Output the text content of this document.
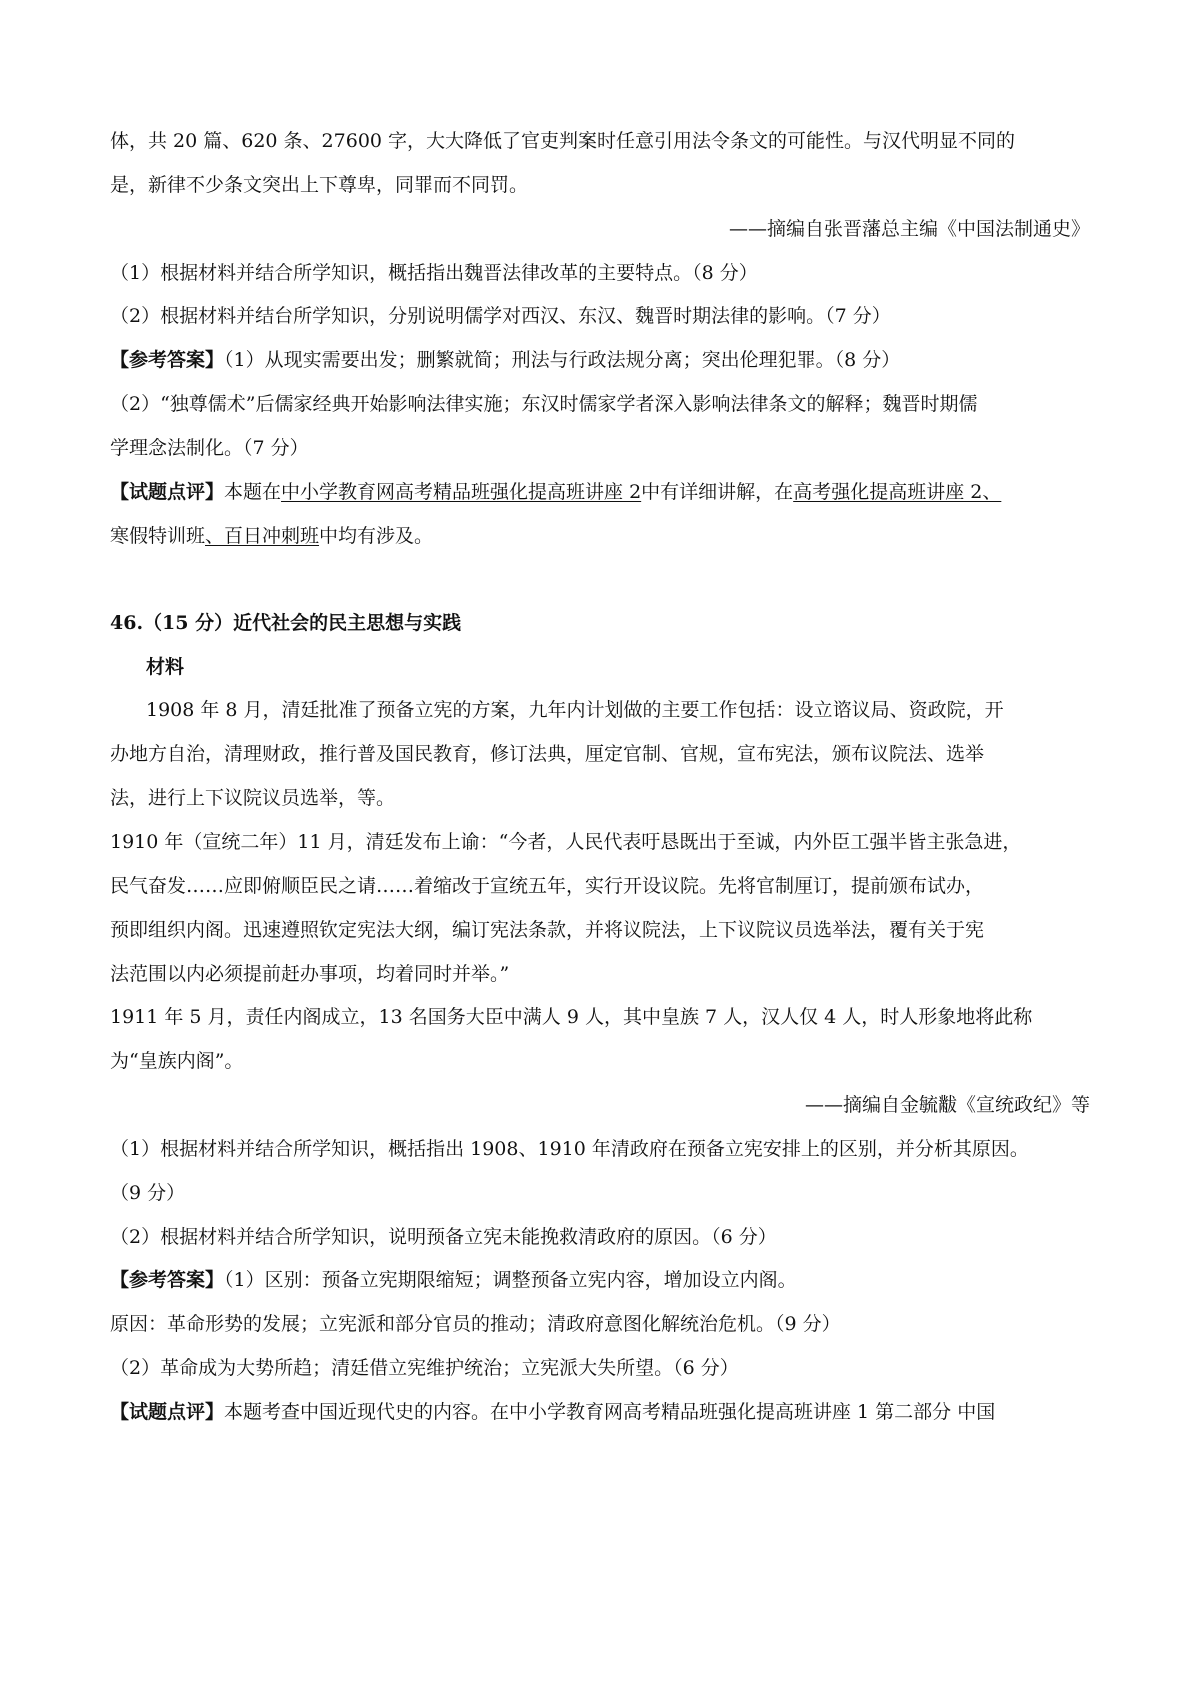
体，共 20 篇、620 条、27600 字，大大降低了官吏判案时任意引用法令条文的可能性。与汉代明显不同的
是，新律不少条文突出上下尊卑，同罪而不同罚。
——摘编自张晋藩总主编《中国法制通史》
（1）根据材料并结合所学知识，概括指出魏晋法律改革的主要特点。（8 分）
（2）根据材料并结台所学知识，分别说明儒学对西汉、东汉、魏晋时期法律的影响。（7 分）
【参考答案】（1）从现实需要出发；删繁就简；刑法与行政法规分离；突出伦理犯罪。（8 分）
（2）“独尊儒术”后儒家经典开始影响法律实施；东汉时儒家学者深入影响法律条文的解释；魏晋时期儒
学理念法制化。（7 分）
【试题点评】本题在中小学教育网高考精品班强化提高班讲座 2中有详细讲解，在高考强化提高班讲座 2、
寒假特训班、百日冲刺班中均有涉及。
46.（15 分）近代社会的民主思想与实践
材料
1908 年 8 月，清廷批准了预备立宪的方案，九年内计划做的主要工作包括：设立谘议局、资政院，开
办地方自治，清理财政，推行普及国民教育，修订法典，厘定官制、官规，宣布宪法，颁布议院法、选举
法，进行上下议院议员选举，等。
1910 年（宣统二年）11 月，清廷发布上谕：“今者，人民代表吁恳既出于至诚，内外臣工强半皆主张急进，
民气奋发……应即俯顺臣民之请……着缩改于宣统五年，实行开设议院。先将官制厘订，提前颁布试办，
预即组织内阁。迅速遵照钦定宪法大纲，编订宪法条款，并将议院法，上下议院议员选举法，覆有关于宪
法范围以内必须提前赶办事项，均着同时并举。”
1911 年 5 月，责任内阁成立，13 名国务大臣中满人 9 人，其中皇族 7 人，汉人仅 4 人，时人形象地将此称
为“皇族内阁”。
——摘编自金毓黻《宣统政纪》等
（1）根据材料并结合所学知识，概括指出 1908、1910 年清政府在预备立宪安排上的区别，并分析其原因。
（9 分）
（2）根据材料并结合所学知识，说明预备立宪未能挽救清政府的原因。（6 分）
【参考答案】（1）区别：预备立宪期限缩短；调整预备立宪内容，增加设立内阁。
原因：革命形势的发展；立宪派和部分官员的推动；清政府意图化解统治危机。（9 分）
（2）革命成为大势所趋；清廷借立宪维护统治；立宪派大失所望。（6 分）
【试题点评】本题考查中国近现代史的内容。在中小学教育网高考精品班强化提高班讲座 1 第二部分 中国
